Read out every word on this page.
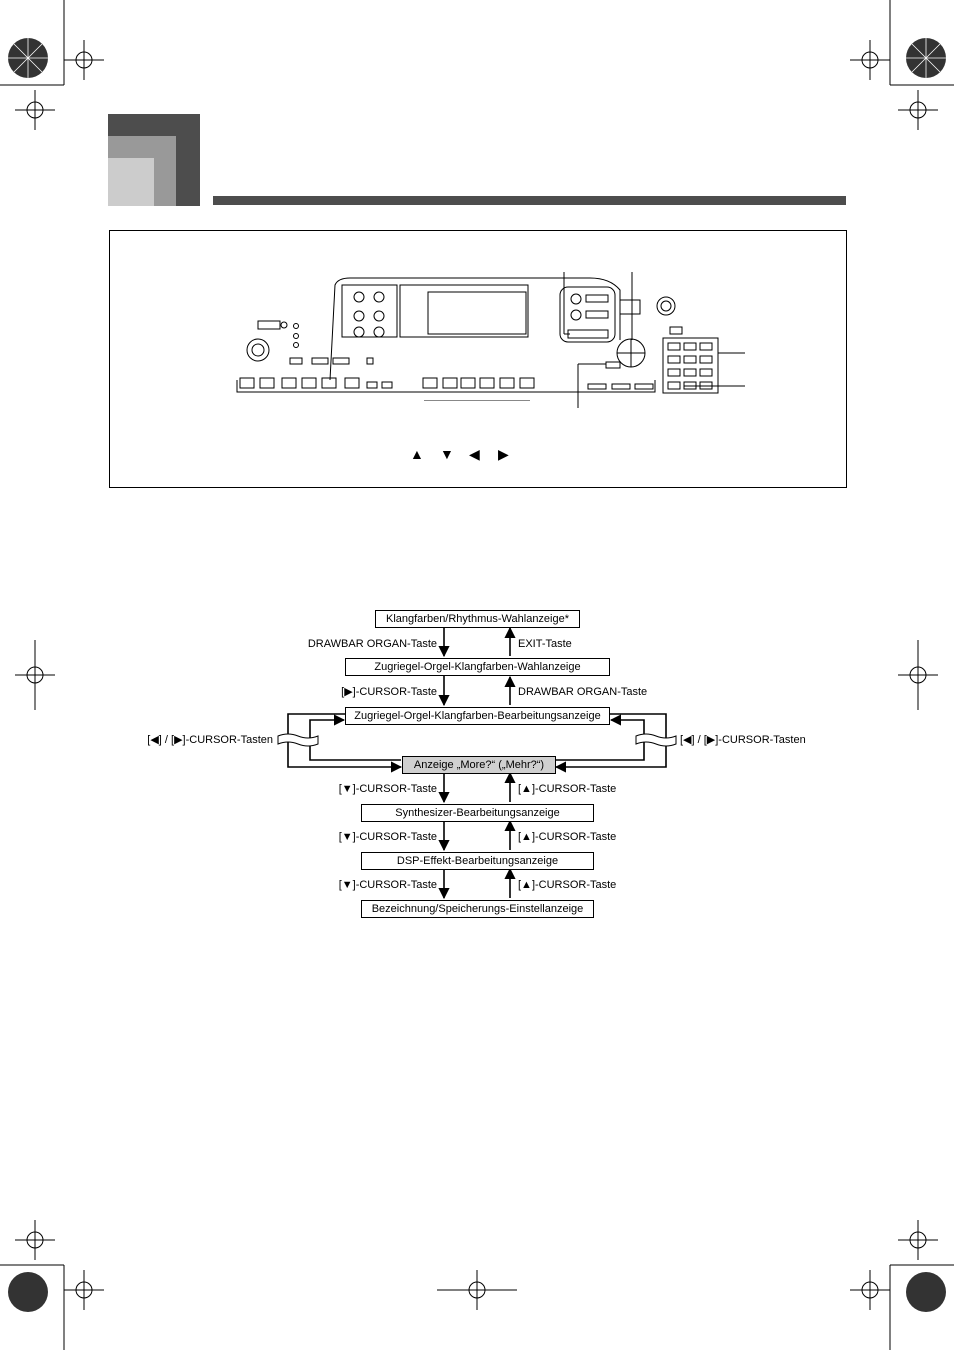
▲ ▼ ◀ ▶
Klangfarben/Rhythmus-Wahlanzeige*
Zugriegel-Orgel-Klangfarben-Wahlanzeige
Zugriegel-Orgel-Klangfarben-Bearbeitungsanzeige
Anzeige „More?“ („Mehr?“)
Synthesizer-Bearbeitungsanzeige
DSP-Effekt-Bearbeitungsanzeige
Bezeichnung/Speicherungs-Einstellanzeige
DRAWBAR ORGAN-Taste	EXIT-Taste
[▶]-CURSOR-Taste	DRAWBAR ORGAN-Taste
[◀] / [▶]-CURSOR-Tasten	[◀] / [▶]-CURSOR-Tasten
[▼]-CURSOR-Taste	[▲]-CURSOR-Taste
[▼]-CURSOR-Taste	[▲]-CURSOR-Taste
[▼]-CURSOR-Taste	[▲]-CURSOR-Taste
